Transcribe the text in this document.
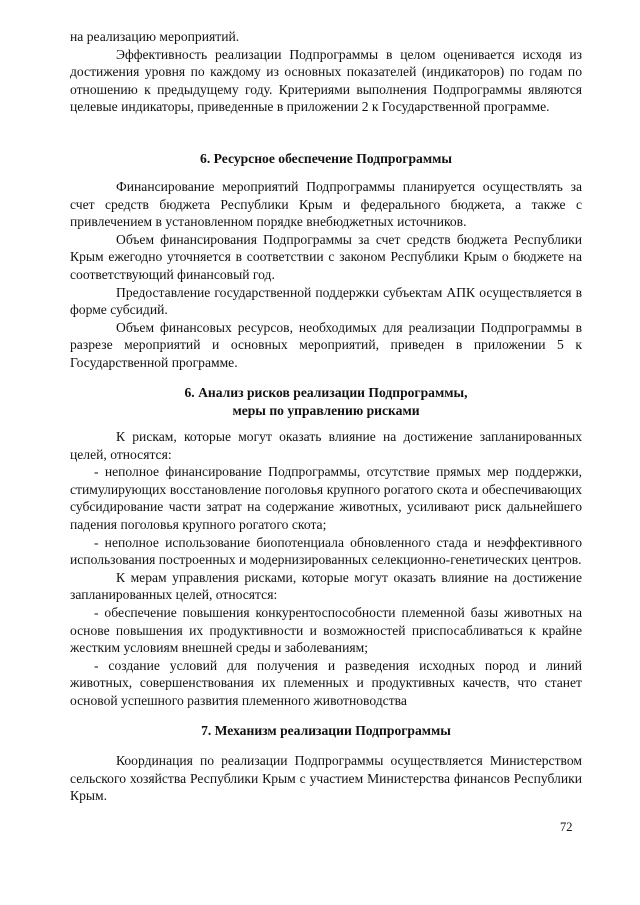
на реализацию мероприятий.

Эффективность реализации Подпрограммы в целом оценивается исходя из достижения уровня по каждому из основных показателей (индикаторов) по годам по отношению к предыдущему году. Критериями выполнения Подпрограммы являются целевые индикаторы, приведенные в приложении 2 к Государственной программе.

6. Ресурсное обеспечение Подпрограммы

Финансирование мероприятий Подпрограммы планируется осуществлять за счет средств бюджета Республики Крым и федерального бюджета, а также с привлечением в установленном порядке внебюджетных источников.

Объем финансирования Подпрограммы за счет средств бюджета Республики Крым ежегодно уточняется в соответствии с законом Республики Крым о бюджете на соответствующий финансовый год.

Предоставление государственной поддержки субъектам АПК осуществляется в форме субсидий.

Объем финансовых ресурсов, необходимых для реализации Подпрограммы в разрезе мероприятий и основных мероприятий, приведен в приложении 5 к Государственной программе.

6. Анализ рисков реализации Подпрограммы,
меры по управлению рисками

К рискам, которые могут оказать влияние на достижение запланированных целей, относятся:

- неполное финансирование Подпрограммы, отсутствие прямых мер поддержки, стимулирующих восстановление поголовья крупного рогатого скота и обеспечивающих субсидирование части затрат на содержание животных, усиливают риск дальнейшего падения поголовья крупного рогатого скота;

- неполное использование биопотенциала обновленного стада и неэффективного использования построенных и модернизированных селекционно-генетических центров.

К мерам управления рисками, которые могут оказать влияние на достижение запланированных целей, относятся:

- обеспечение повышения конкурентоспособности племенной базы животных на основе повышения их продуктивности и возможностей приспосабливаться к крайне жестким условиям внешней среды и заболеваниям;

- создание условий для получения и разведения исходных пород и линий животных, совершенствования их племенных и продуктивных качеств, что станет основой успешного развития племенного животноводства

7. Механизм реализации Подпрограммы

Координация по реализации Подпрограммы осуществляется Министерством сельского хозяйства Республики Крым с участием Министерства финансов Республики Крым.

72
